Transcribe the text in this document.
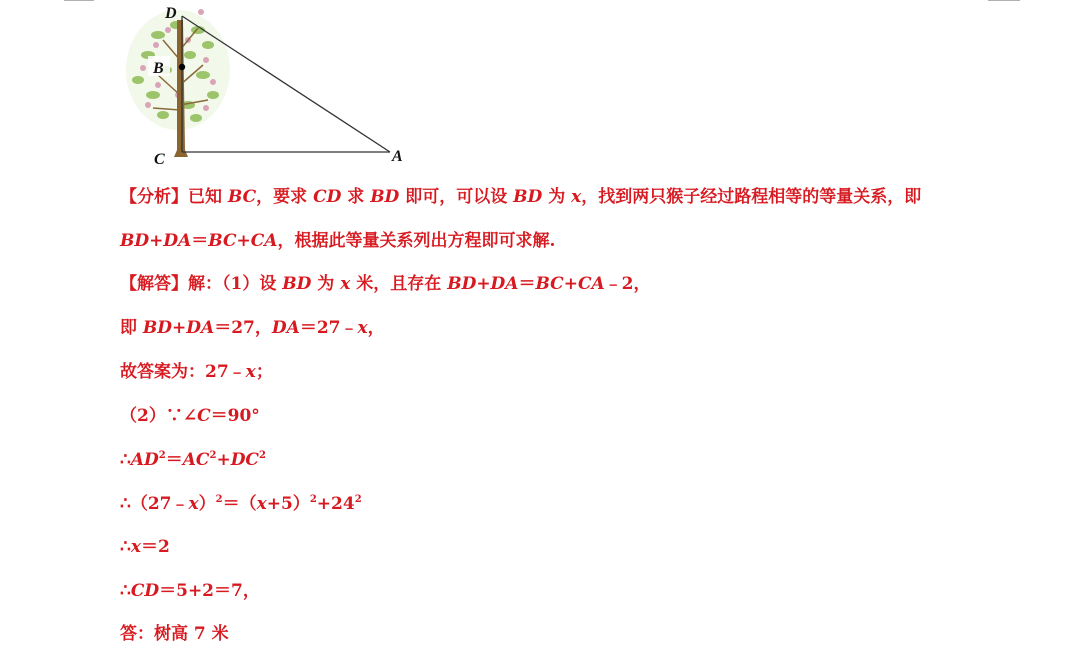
D
B
C	A
【分析】已知 BC，要求 CD 求 BD 即可，可以设 BD 为 x，找到两只猴子经过路程相等的等量关系，即
BD+DA＝BC+CA，根据此等量关系列出方程即可求解.
【解答】解：（1）设 BD 为 x 米，且存在 BD+DA＝BC+CA﹣2，
即 BD+DA＝27，DA＝27﹣x，
故答案为：27﹣x；
（2）∵∠C＝90°
$\therefore AD^2=AC^2+DC^2$
$\therefore(27﹣x)^2=(x+5)^2+24^2$
∴x＝2
∴CD＝5+2＝7，
答：树高 7 米
